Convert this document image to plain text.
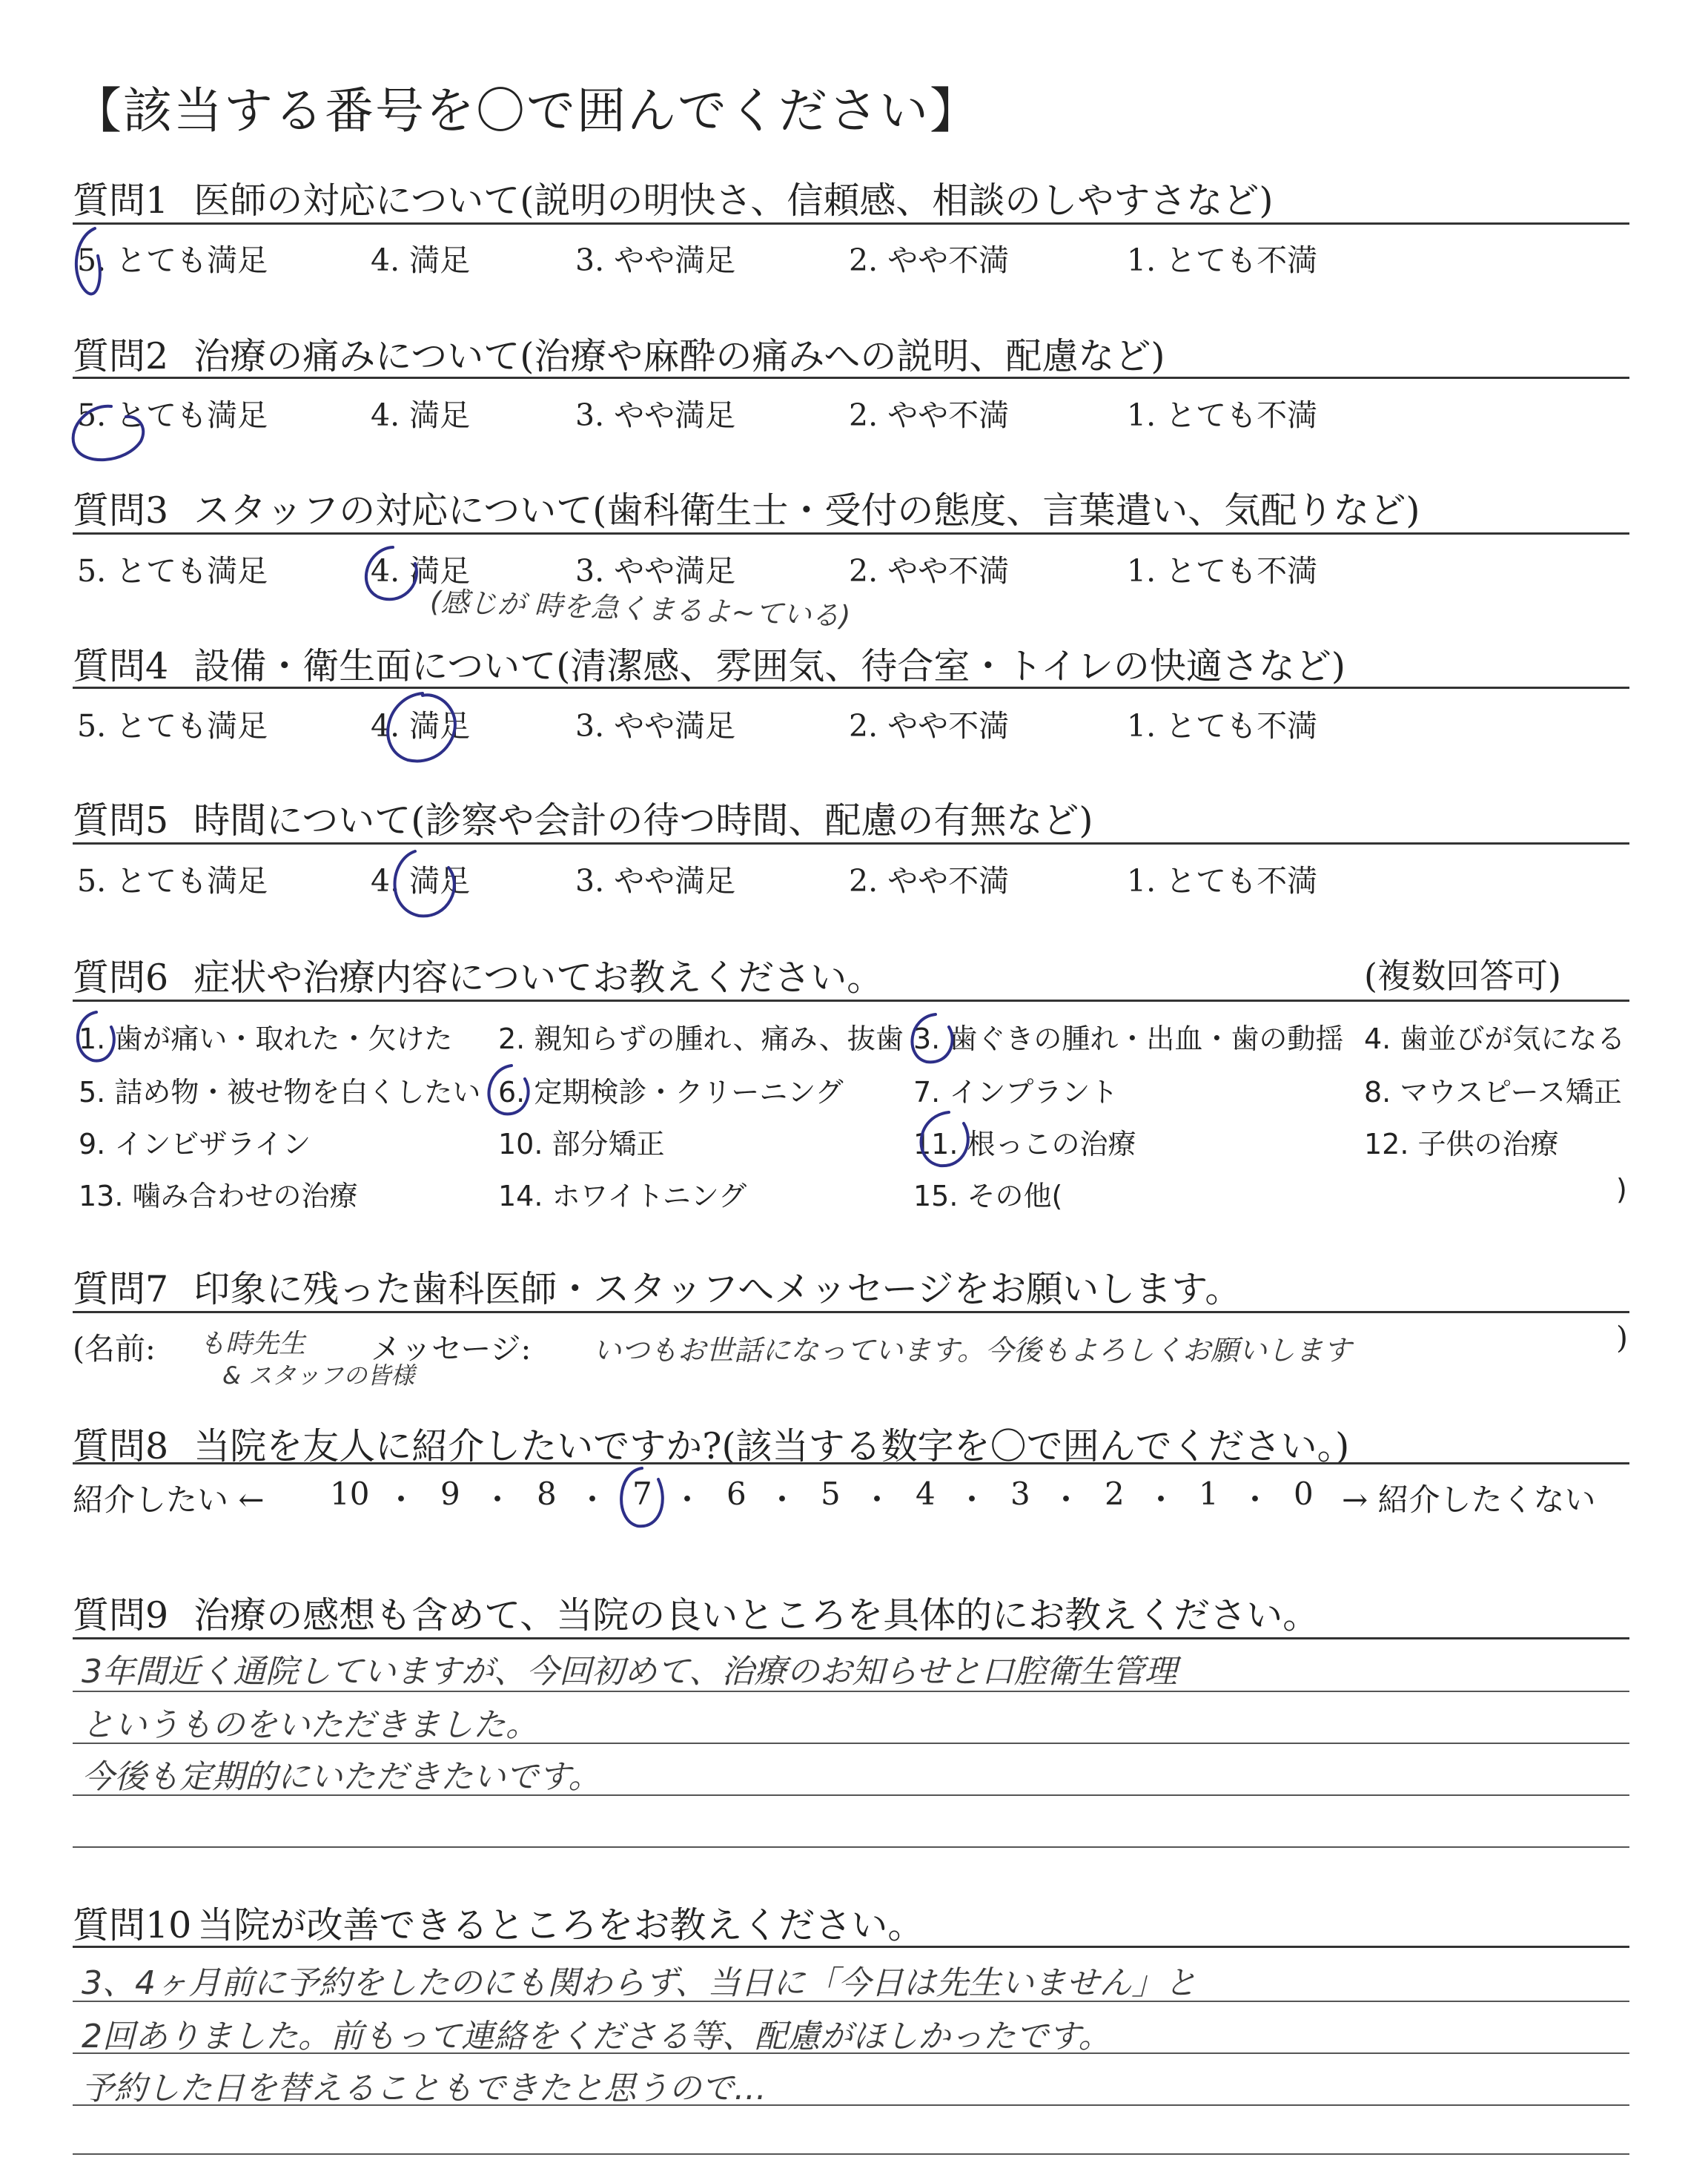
【該当する番号を〇で囲んでください】
質問1 医師の対応について(説明の明快さ、信頼感、相談のしやすさなど)
5. とても満足	4. 満足	3. やや満足	2. やや不満	1. とても不満
質問2 治療の痛みについて(治療や麻酔の痛みへの説明、配慮など)
5. とても満足	4. 満足	3. やや満足	2. やや不満	1. とても不満
質問3 スタッフの対応について(歯科衛生士・受付の態度、言葉遣い、気配りなど)
5. とても満足	4. 満足	3. やや満足	2. やや不満	1. とても不満
(感じが 時を急くまるよ~ている)
質問4 設備・衛生面について(清潔感、雰囲気、待合室・トイレの快適さなど)
5. とても満足	4. 満足	3. やや満足	2. やや不満	1. とても不満
質問5 時間について(診察や会計の待つ時間、配慮の有無など)
5. とても満足	4. 満足	3. やや満足	2. やや不満	1. とても不満
質問6 症状や治療内容についてお教えください。	(複数回答可)
1. 歯が痛い・取れた・欠けた 2. 親知らずの腫れ、痛み、抜歯 3. 歯ぐきの腫れ・出血・歯の動揺 4. 歯並びが気になる
5. 詰め物・被せ物を白くしたい 6. 定期検診・クリーニング 7. インプラント	8. マウスピース矯正
9. インビザライン	10. 部分矯正	11. 根っこの治療	12. 子供の治療
13. 噛み合わせの治療	14. ホワイトニング	15. その他(	)
質問7 印象に残った歯科医師・スタッフへメッセージをお願いします。
(名前: も時先生
& スタッフの皆様
メッセージ: いつもお世話になっています。今後もよろしくお願いします	)
質問8 当院を友人に紹介したいですか?(該当する数字を〇で囲んでください。)
紹介したい ← 10 9 8 7 6 5 4 3 2 1 0
・ ・ ・ ・ ・ ・ ・ ・ ・ ・ → 紹介したくない
質問9 治療の感想も含めて、当院の良いところを具体的にお教えください。
3年間近く通院していますが、今回初めて、治療のお知らせと口腔衛生管理
というものをいただきました。
今後も定期的にいただきたいです。
質問10 当院が改善できるところをお教えください。
3、4ヶ月前に予約をしたのにも関わらず、当日に「今日は先生いません」と
2回ありました。前もって連絡をくださる等、配慮がほしかったです。
予約した日を替えることもできたと思うので…
